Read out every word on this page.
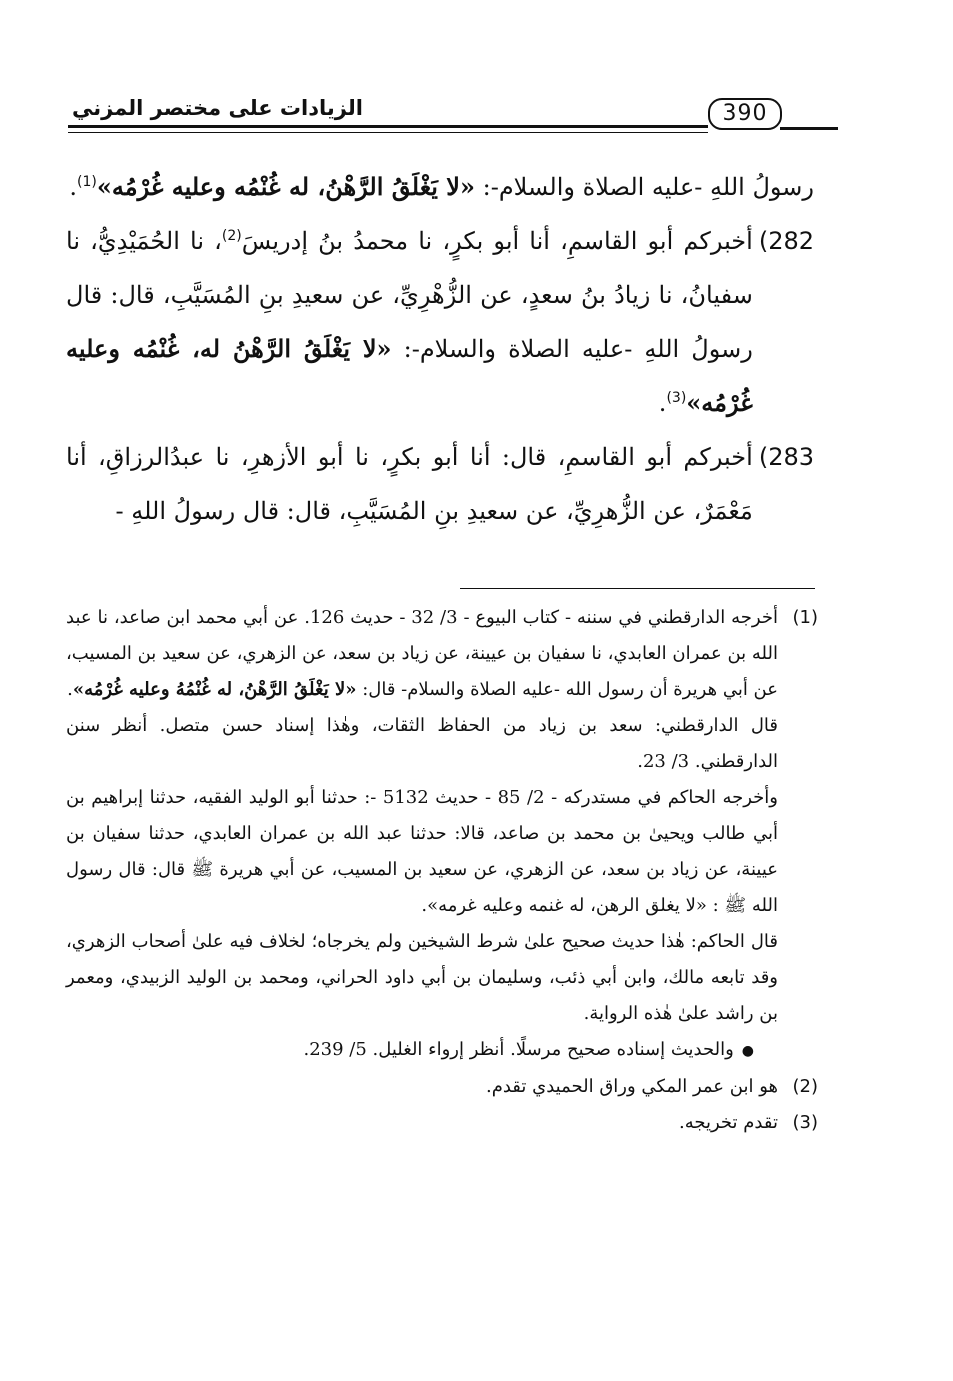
الزيادات على مختصر المزني	390

رسولُ اللهِ -عليه الصلاة والسلام-: «لا يَغْلَقُ الرَّهْنُ، له غُنْمُه وعليه غُرْمُه»$^{(1)}$.

282)
أخبركم أبو القاسمِ، أنا أبو بكرٍ، نا محمدُ بنُ إدريسَ$^{(2)}$، نا الحُمَيْدِيُّ، نا سفيانُ، نا زيادُ بنُ سعدٍ، عن الزُّهْرِيِّ، عن سعيدِ بنِ المُسَيَّبِ، قال: قال رسولُ اللهِ -عليه الصلاة والسلام-: «لا يَغْلَقُ الرَّهْنُ له، غُنْمُه وعليه غُرْمُه»$^{(3)}$.
283)
أخبركم أبو القاسمِ، قال: أنا أبو بكرٍ، نا أبو الأزهرِ، نا عبدُالرزاقِ، أنا مَعْمَرٌ، عن الزُّهرِيِّ، عن سعيدِ بنِ المُسَيَّبِ، قال: قال رسولُ اللهِ -
(1)

أخرجه الدارقطني في سننه - كتاب البيوع - 3/ 32 - حديث 126. عن أبي محمد ابن صاعد، نا عبد الله بن عمران العابدي، نا سفيان بن عيينة، عن زياد بن سعد، عن الزهري، عن سعيد بن المسيب، عن أبي هريرة أن رسول الله -عليه الصلاة والسلام- قال: «لا يَغْلَقُ الرَّهْنُ، له غُنْمُهُ وعليه غُرْمُه».

قال الدارقطني: سعد بن زياد من الحفاظ الثقات، وهٰذا إسناد حسن متصل. أنظر سنن الدارقطني. 3/ 23.

وأخرجه الحاكم في مستدركه - 2/ 85 - حديث 5132 -: حدثنا أبو الوليد الفقيه، حدثنا إبراهيم بن أبي طالب ويحيىٰ بن محمد بن صاعد، قالا: حدثنا عبد الله بن عمران العابدي، حدثنا سفيان بن عيينة، عن زياد بن سعد، عن الزهري، عن سعيد بن المسيب، عن أبي هريرة ﷺ قال: قال رسول الله ﷺ : «لا يغلق الرهن، له غنمه وعليه غرمه».

قال الحاكم: هٰذا حديث صحيح علىٰ شرط الشيخين ولم يخرجاه؛ لخلاف فيه علىٰ أصحاب الزهري، وقد تابعه مالك، وابن أبي ذئب، وسليمان بن أبي داود الحراني، ومحمد بن الوليد الزبيدي، ومعمر بن راشد علىٰ هٰذه الرواية.

●والحديث إسناده صحيح مرسلًا. أنظر إرواء الغليل. 5/ 239.

(2)
هو ابن عمر المكي وراق الحميدي تقدم.
(3)
تقدم تخريجه.
